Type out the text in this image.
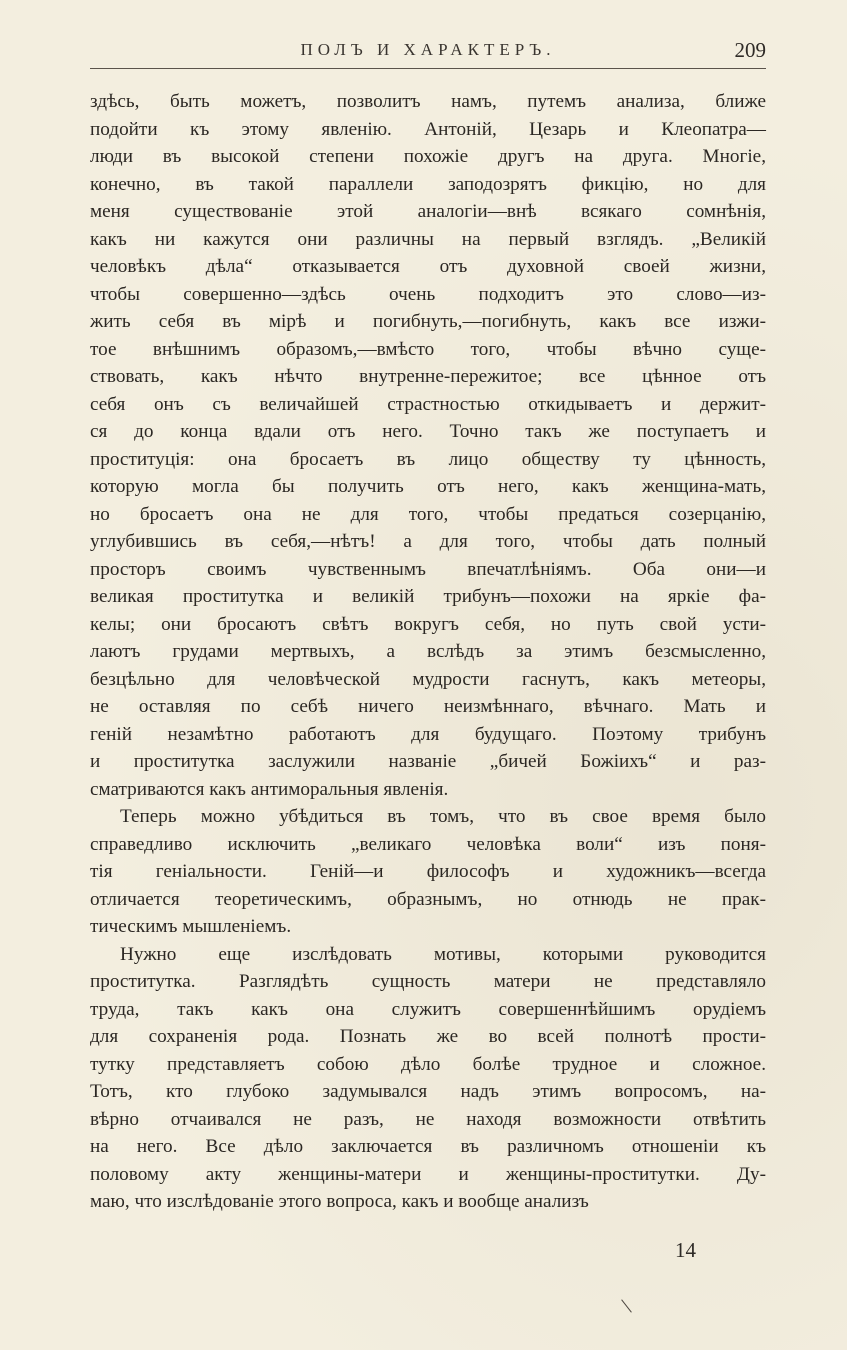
ПОЛЪ И ХАРАКТЕРЪ.	209
здѣсь, быть можетъ, позволитъ намъ, путемъ анализа, ближе
подойти къ этому явленію. Антоній, Цезарь и Клеопатра—
люди въ высокой степени похожіе другъ на друга. Многіе,
конечно, въ такой параллели заподозрятъ фикцію, но для
меня существованіе этой аналогіи—внѣ всякаго сомнѣнія,
какъ ни кажутся они различны на первый взглядъ. „Великій
человѣкъ дѣла“ отказывается отъ духовной своей жизни,
чтобы совершенно—здѣсь очень подходитъ это слово—из-
жить себя въ мірѣ и погибнуть,—погибнуть, какъ все изжи-
тое внѣшнимъ образомъ,—вмѣсто того, чтобы вѣчно суще-
ствовать, какъ нѣчто внутренне-пережитое; все цѣнное отъ
себя онъ съ величайшей страстностью откидываетъ и держит-
ся до конца вдали отъ него. Точно такъ же поступаетъ и
проституція: она бросаетъ въ лицо обществу ту цѣнность,
которую могла бы получить отъ него, какъ женщина-мать,
но бросаетъ она не для того, чтобы предаться созерцанію,
углубившись въ себя,—нѣтъ! а для того, чтобы дать полный
просторъ своимъ чувственнымъ впечатлѣніямъ. Оба они—и
великая проститутка и великій трибунъ—похожи на яркіе фа-
келы; они бросаютъ свѣтъ вокругъ себя, но путь свой усти-
лаютъ грудами мертвыхъ, а вслѣдъ за этимъ безсмысленно,
безцѣльно для человѣческой мудрости гаснутъ, какъ метеоры,
не оставляя по себѣ ничего неизмѣннаго, вѣчнаго. Мать и
геній незамѣтно работаютъ для будущаго. Поэтому трибунъ
и проститутка заслужили названіе „бичей Божіихъ“ и раз-
сматриваются какъ антиморальныя явленія.
Теперь можно убѣдиться въ томъ, что въ свое время было
справедливо исключить „великаго человѣка воли“ изъ поня-
тія геніальности. Геній—и философъ и художникъ—всегда
отличается теоретическимъ, образнымъ, но отнюдь не прак-
тическимъ мышленіемъ.
Нужно еще изслѣдовать мотивы, которыми руководится
проститутка. Разглядѣть сущность матери не представляло
труда, такъ какъ она служитъ совершеннѣйшимъ орудіемъ
для сохраненія рода. Познать же во всей полнотѣ прости-
тутку представляетъ собою дѣло болѣе трудное и сложное.
Тотъ, кто глубоко задумывался надъ этимъ вопросомъ, на-
вѣрно отчаивался не разъ, не находя возможности отвѣтить
на него. Все дѣло заключается въ различномъ отношеніи къ
половому акту женщины-матери и женщины-проститутки. Ду-
маю, что изслѣдованіе этого вопроса, какъ и вообще анализъ
14
